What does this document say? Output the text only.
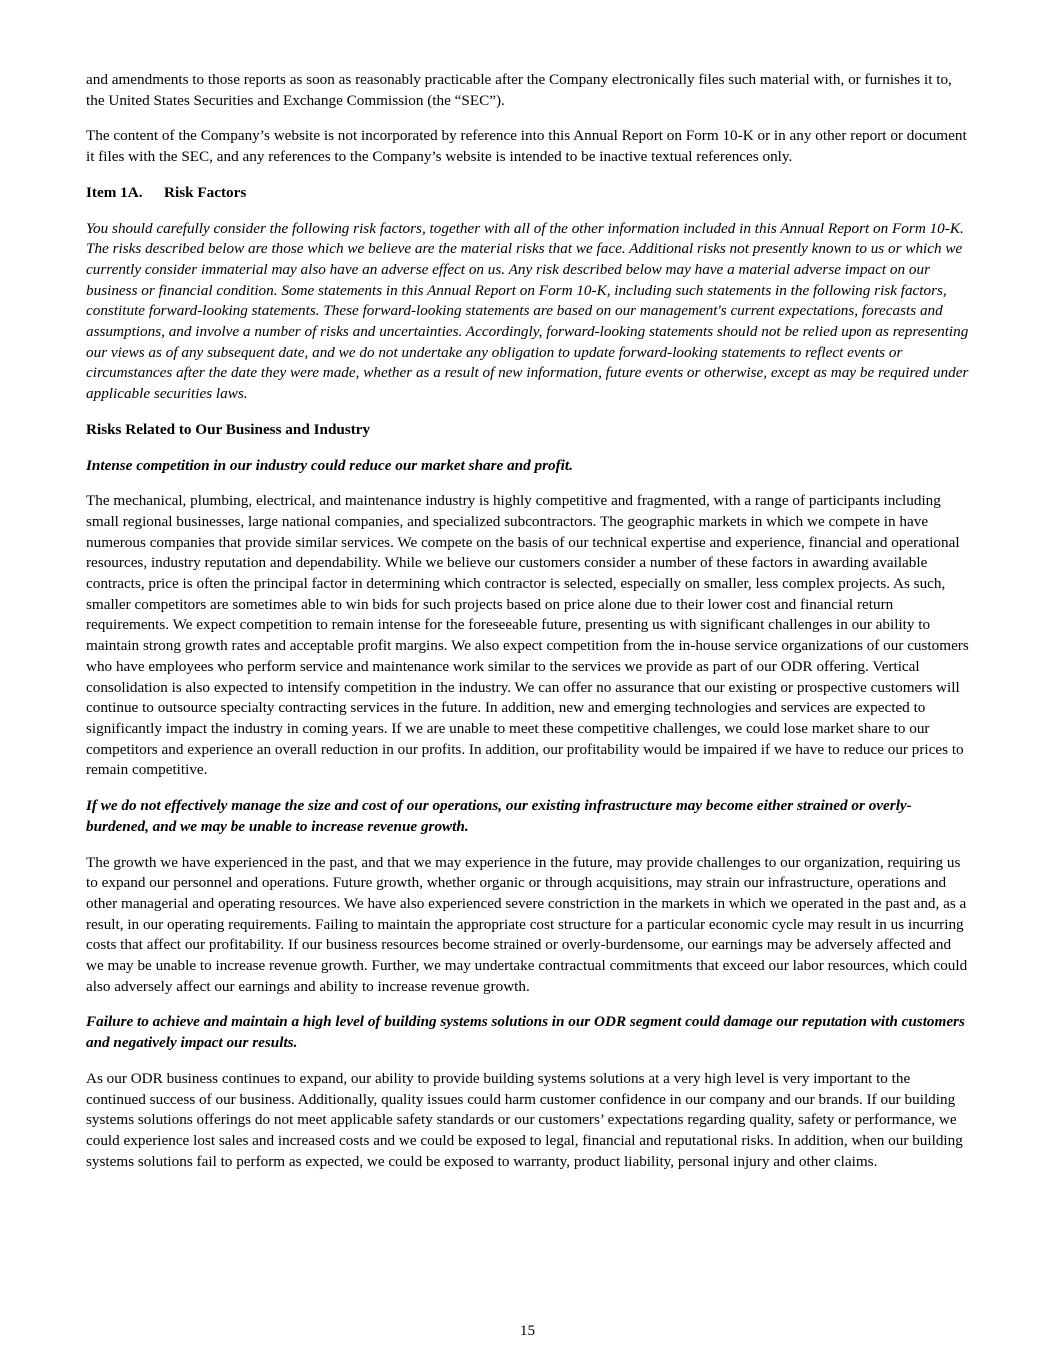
and amendments to those reports as soon as reasonably practicable after the Company electronically files such material with, or furnishes it to, the United States Securities and Exchange Commission (the “SEC”).

The content of the Company’s website is not incorporated by reference into this Annual Report on Form 10-K or in any other report or document it files with the SEC, and any references to the Company’s website is intended to be inactive textual references only.

Item 1A. Risk Factors

You should carefully consider the following risk factors, together with all of the other information included in this Annual Report on Form 10-K. The risks described below are those which we believe are the material risks that we face. Additional risks not presently known to us or which we currently consider immaterial may also have an adverse effect on us. Any risk described below may have a material adverse impact on our business or financial condition. Some statements in this Annual Report on Form 10-K, including such statements in the following risk factors, constitute forward-looking statements. These forward-looking statements are based on our management's current expectations, forecasts and assumptions, and involve a number of risks and uncertainties. Accordingly, forward-looking statements should not be relied upon as representing our views as of any subsequent date, and we do not undertake any obligation to update forward-looking statements to reflect events or circumstances after the date they were made, whether as a result of new information, future events or otherwise, except as may be required under applicable securities laws.

Risks Related to Our Business and Industry

Intense competition in our industry could reduce our market share and profit.

The mechanical, plumbing, electrical, and maintenance industry is highly competitive and fragmented, with a range of participants including small regional businesses, large national companies, and specialized subcontractors. The geographic markets in which we compete in have numerous companies that provide similar services. We compete on the basis of our technical expertise and experience, financial and operational resources, industry reputation and dependability. While we believe our customers consider a number of these factors in awarding available contracts, price is often the principal factor in determining which contractor is selected, especially on smaller, less complex projects. As such, smaller competitors are sometimes able to win bids for such projects based on price alone due to their lower cost and financial return requirements. We expect competition to remain intense for the foreseeable future, presenting us with significant challenges in our ability to maintain strong growth rates and acceptable profit margins. We also expect competition from the in-house service organizations of our customers who have employees who perform service and maintenance work similar to the services we provide as part of our ODR offering. Vertical consolidation is also expected to intensify competition in the industry. We can offer no assurance that our existing or prospective customers will continue to outsource specialty contracting services in the future. In addition, new and emerging technologies and services are expected to significantly impact the industry in coming years. If we are unable to meet these competitive challenges, we could lose market share to our competitors and experience an overall reduction in our profits. In addition, our profitability would be impaired if we have to reduce our prices to remain competitive.

If we do not effectively manage the size and cost of our operations, our existing infrastructure may become either strained or overly-burdened, and we may be unable to increase revenue growth.

The growth we have experienced in the past, and that we may experience in the future, may provide challenges to our organization, requiring us to expand our personnel and operations. Future growth, whether organic or through acquisitions, may strain our infrastructure, operations and other managerial and operating resources. We have also experienced severe constriction in the markets in which we operated in the past and, as a result, in our operating requirements. Failing to maintain the appropriate cost structure for a particular economic cycle may result in us incurring costs that affect our profitability. If our business resources become strained or overly-burdensome, our earnings may be adversely affected and we may be unable to increase revenue growth. Further, we may undertake contractual commitments that exceed our labor resources, which could also adversely affect our earnings and ability to increase revenue growth.

Failure to achieve and maintain a high level of building systems solutions in our ODR segment could damage our reputation with customers and negatively impact our results.

As our ODR business continues to expand, our ability to provide building systems solutions at a very high level is very important to the continued success of our business. Additionally, quality issues could harm customer confidence in our company and our brands. If our building systems solutions offerings do not meet applicable safety standards or our customers’ expectations regarding quality, safety or performance, we could experience lost sales and increased costs and we could be exposed to legal, financial and reputational risks. In addition, when our building systems solutions fail to perform as expected, we could be exposed to warranty, product liability, personal injury and other claims.

15
